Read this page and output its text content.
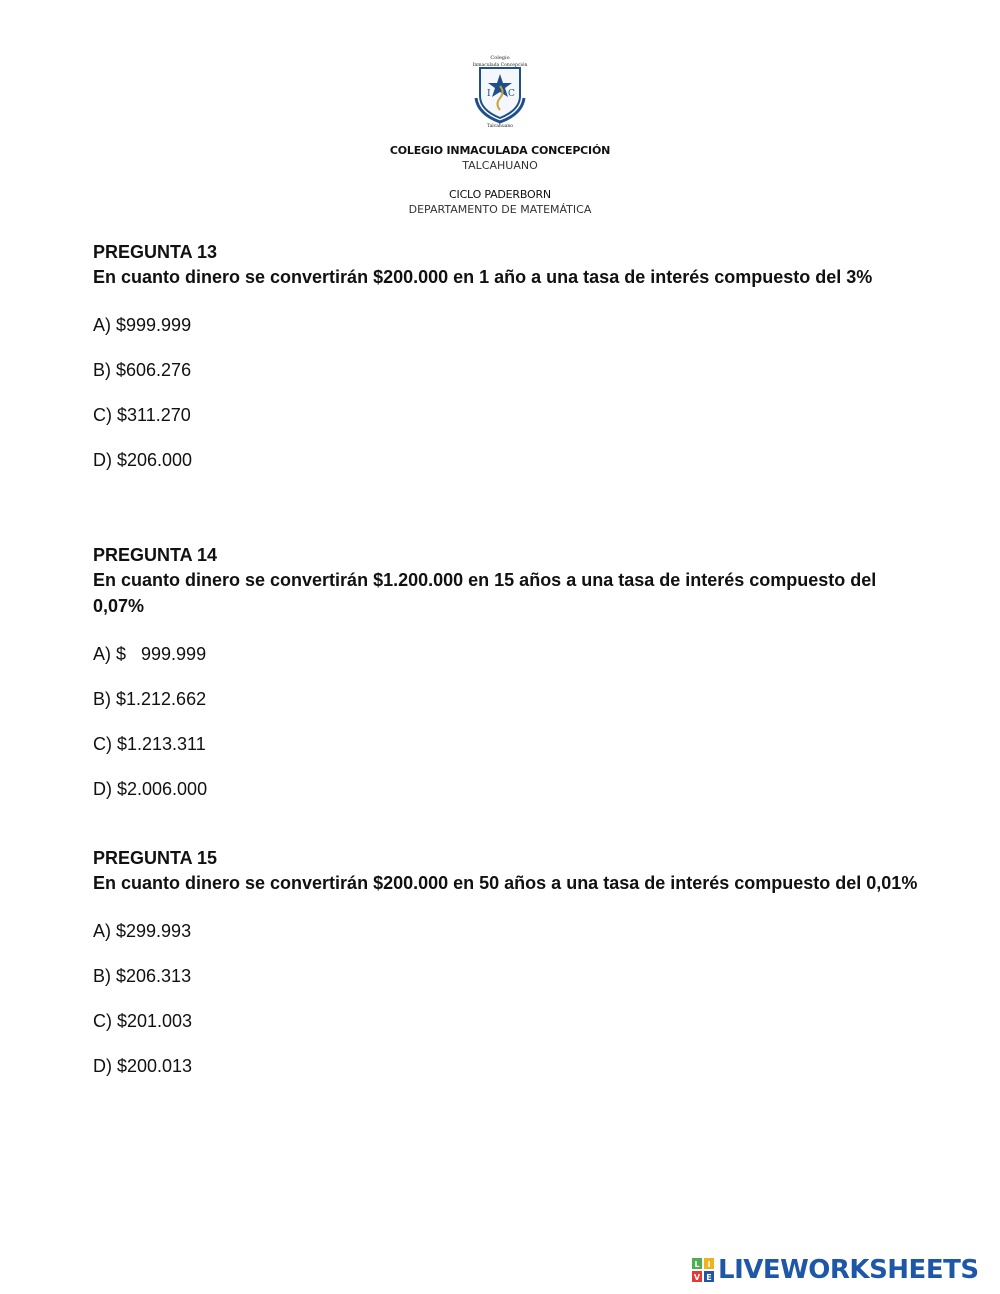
Colegio
Inmaculada Concepción
I C
Talcahuano
COLEGIO INMACULADA CONCEPCIÓN
TALCAHUANO
CICLO PADERBORN
DEPARTAMENTO DE MATEMÁTICA
PREGUNTA 13
En cuanto dinero se convertirán $200.000 en 1 año a una tasa de interés compuesto del 3%
A) $999.999
B) $606.276
C) $311.270
D) $206.000
PREGUNTA 14
En cuanto dinero se convertirán $1.200.000 en 15 años a una tasa de interés compuesto del 0,07%
A) $   999.999
B) $1.212.662
C) $1.213.311
D) $2.006.000
PREGUNTA 15
En cuanto dinero se convertirán $200.000 en 50 años a una tasa de interés compuesto del 0,01%
A) $299.993
B) $206.313
C) $201.003
D) $200.013
L I
V E LIVEWORKSHEETS
